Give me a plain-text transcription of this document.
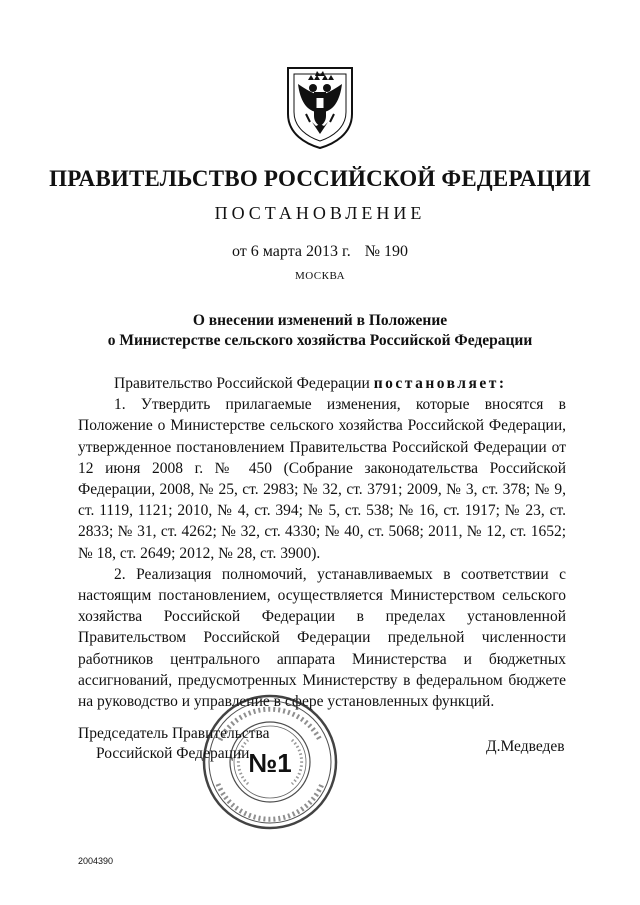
ПРАВИТЕЛЬСТВО РОССИЙСКОЙ ФЕДЕРАЦИИ
ПОСТАНОВЛЕНИЕ
от 6 марта 2013 г. № 190
МОСКВА
О внесении изменений в Положение
о Министерстве сельского хозяйства Российской Федерации

Правительство Российской Федерации постановляет:

1. Утвердить прилагаемые изменения, которые вносятся в Положение о Министерстве сельского хозяйства Российской Федерации, утвержденное постановлением Правительства Российской Федерации от 12 июня 2008 г. № 450 (Собрание законодательства Российской Федерации, 2008, № 25, ст. 2983; № 32, ст. 3791; 2009, № 3, ст. 378; № 9, ст. 1119, 1121; 2010, № 4, ст. 394; № 5, ст. 538; № 16, ст. 1917; № 23, ст. 2833; № 31, ст. 4262; № 32, ст. 4330; № 40, ст. 5068; 2011, № 12, ст. 1652; № 18, ст. 2649; 2012, № 28, ст. 3900).

2. Реализация полномочий, устанавливаемых в соответствии с настоящим постановлением, осуществляется Министерством сельского хозяйства Российской Федерации в пределах установленной Правительством Российской Федерации предельной численности работников центрального аппарата Министерства и бюджетных ассигнований, предусмотренных Министерству в федеральном бюджете на руководство и управление в сфере установленных функций.

№1
Председатель Правительства
Российской Федерации	Д.Медведев
2004390
